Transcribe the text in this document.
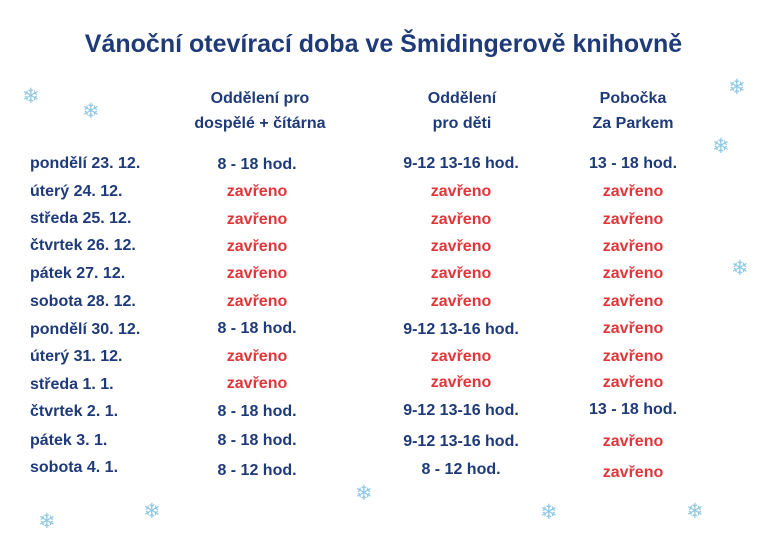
Vánoční otevírací doba ve Šmidingerově knihovně
Oddělení pro
dospělé + čítárna
Oddělení
pro děti
Pobočka
Za Parkem
pondělí 23. 12.	8 - 18 hod.	9-12 13-16 hod.	13 - 18 hod.
úterý 24. 12.	zavřeno	zavřeno	zavřeno
středa 25. 12.	zavřeno	zavřeno	zavřeno
čtvrtek 26. 12.	zavřeno	zavřeno	zavřeno
pátek 27. 12.	zavřeno	zavřeno	zavřeno
sobota 28. 12.	zavřeno	zavřeno	zavřeno
pondělí 30. 12.	8 - 18 hod.	9-12 13-16 hod.	zavřeno
úterý 31. 12.	zavřeno	zavřeno	zavřeno
středa 1. 1.	zavřeno	zavřeno	zavřeno
čtvrtek 2. 1.	8 - 18 hod.	9-12 13-16 hod.	13 - 18 hod.
pátek 3. 1.	8 - 18 hod.	9-12 13-16 hod.	zavřeno
sobota 4. 1.	8 - 12 hod.	8 - 12 hod.	zavřeno
❄
❄
❄
❄
❄
❄
❄
❄	❄	❄
